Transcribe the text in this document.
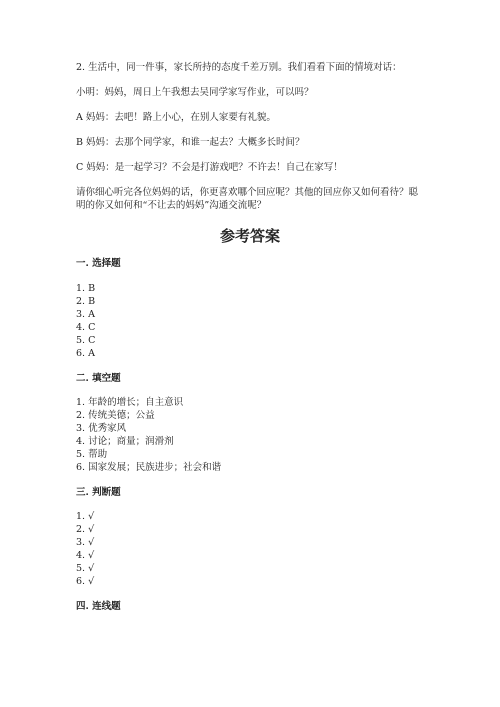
2. 生活中，同一件事，家长所持的态度千差万别。我们看看下面的情境对话：

小明：妈妈，周日上午我想去吴同学家写作业，可以吗？

A 妈妈：去吧！路上小心，在别人家要有礼貌。

B 妈妈：去那个同学家，和谁一起去？大概多长时间？

C 妈妈：是一起学习？不会是打游戏吧？不许去！自己在家写！

请你细心听完各位妈妈的话，你更喜欢哪个回应呢？其他的回应你又如何看待？聪明的你又如何和“不让去的妈妈”沟通交流呢？

参考答案
一. 选择题
1. B
2. B
3. A
4. C
5. C
6. A
二. 填空题
1. 年龄的增长；自主意识
2. 传统美德；公益
3. 优秀家风
4. 讨论；商量；润滑剂
5. 帮助
6. 国家发展；民族进步；社会和谐
三. 判断题
1. √
2. √
3. √
4. √
5. √
6. √
四. 连线题
